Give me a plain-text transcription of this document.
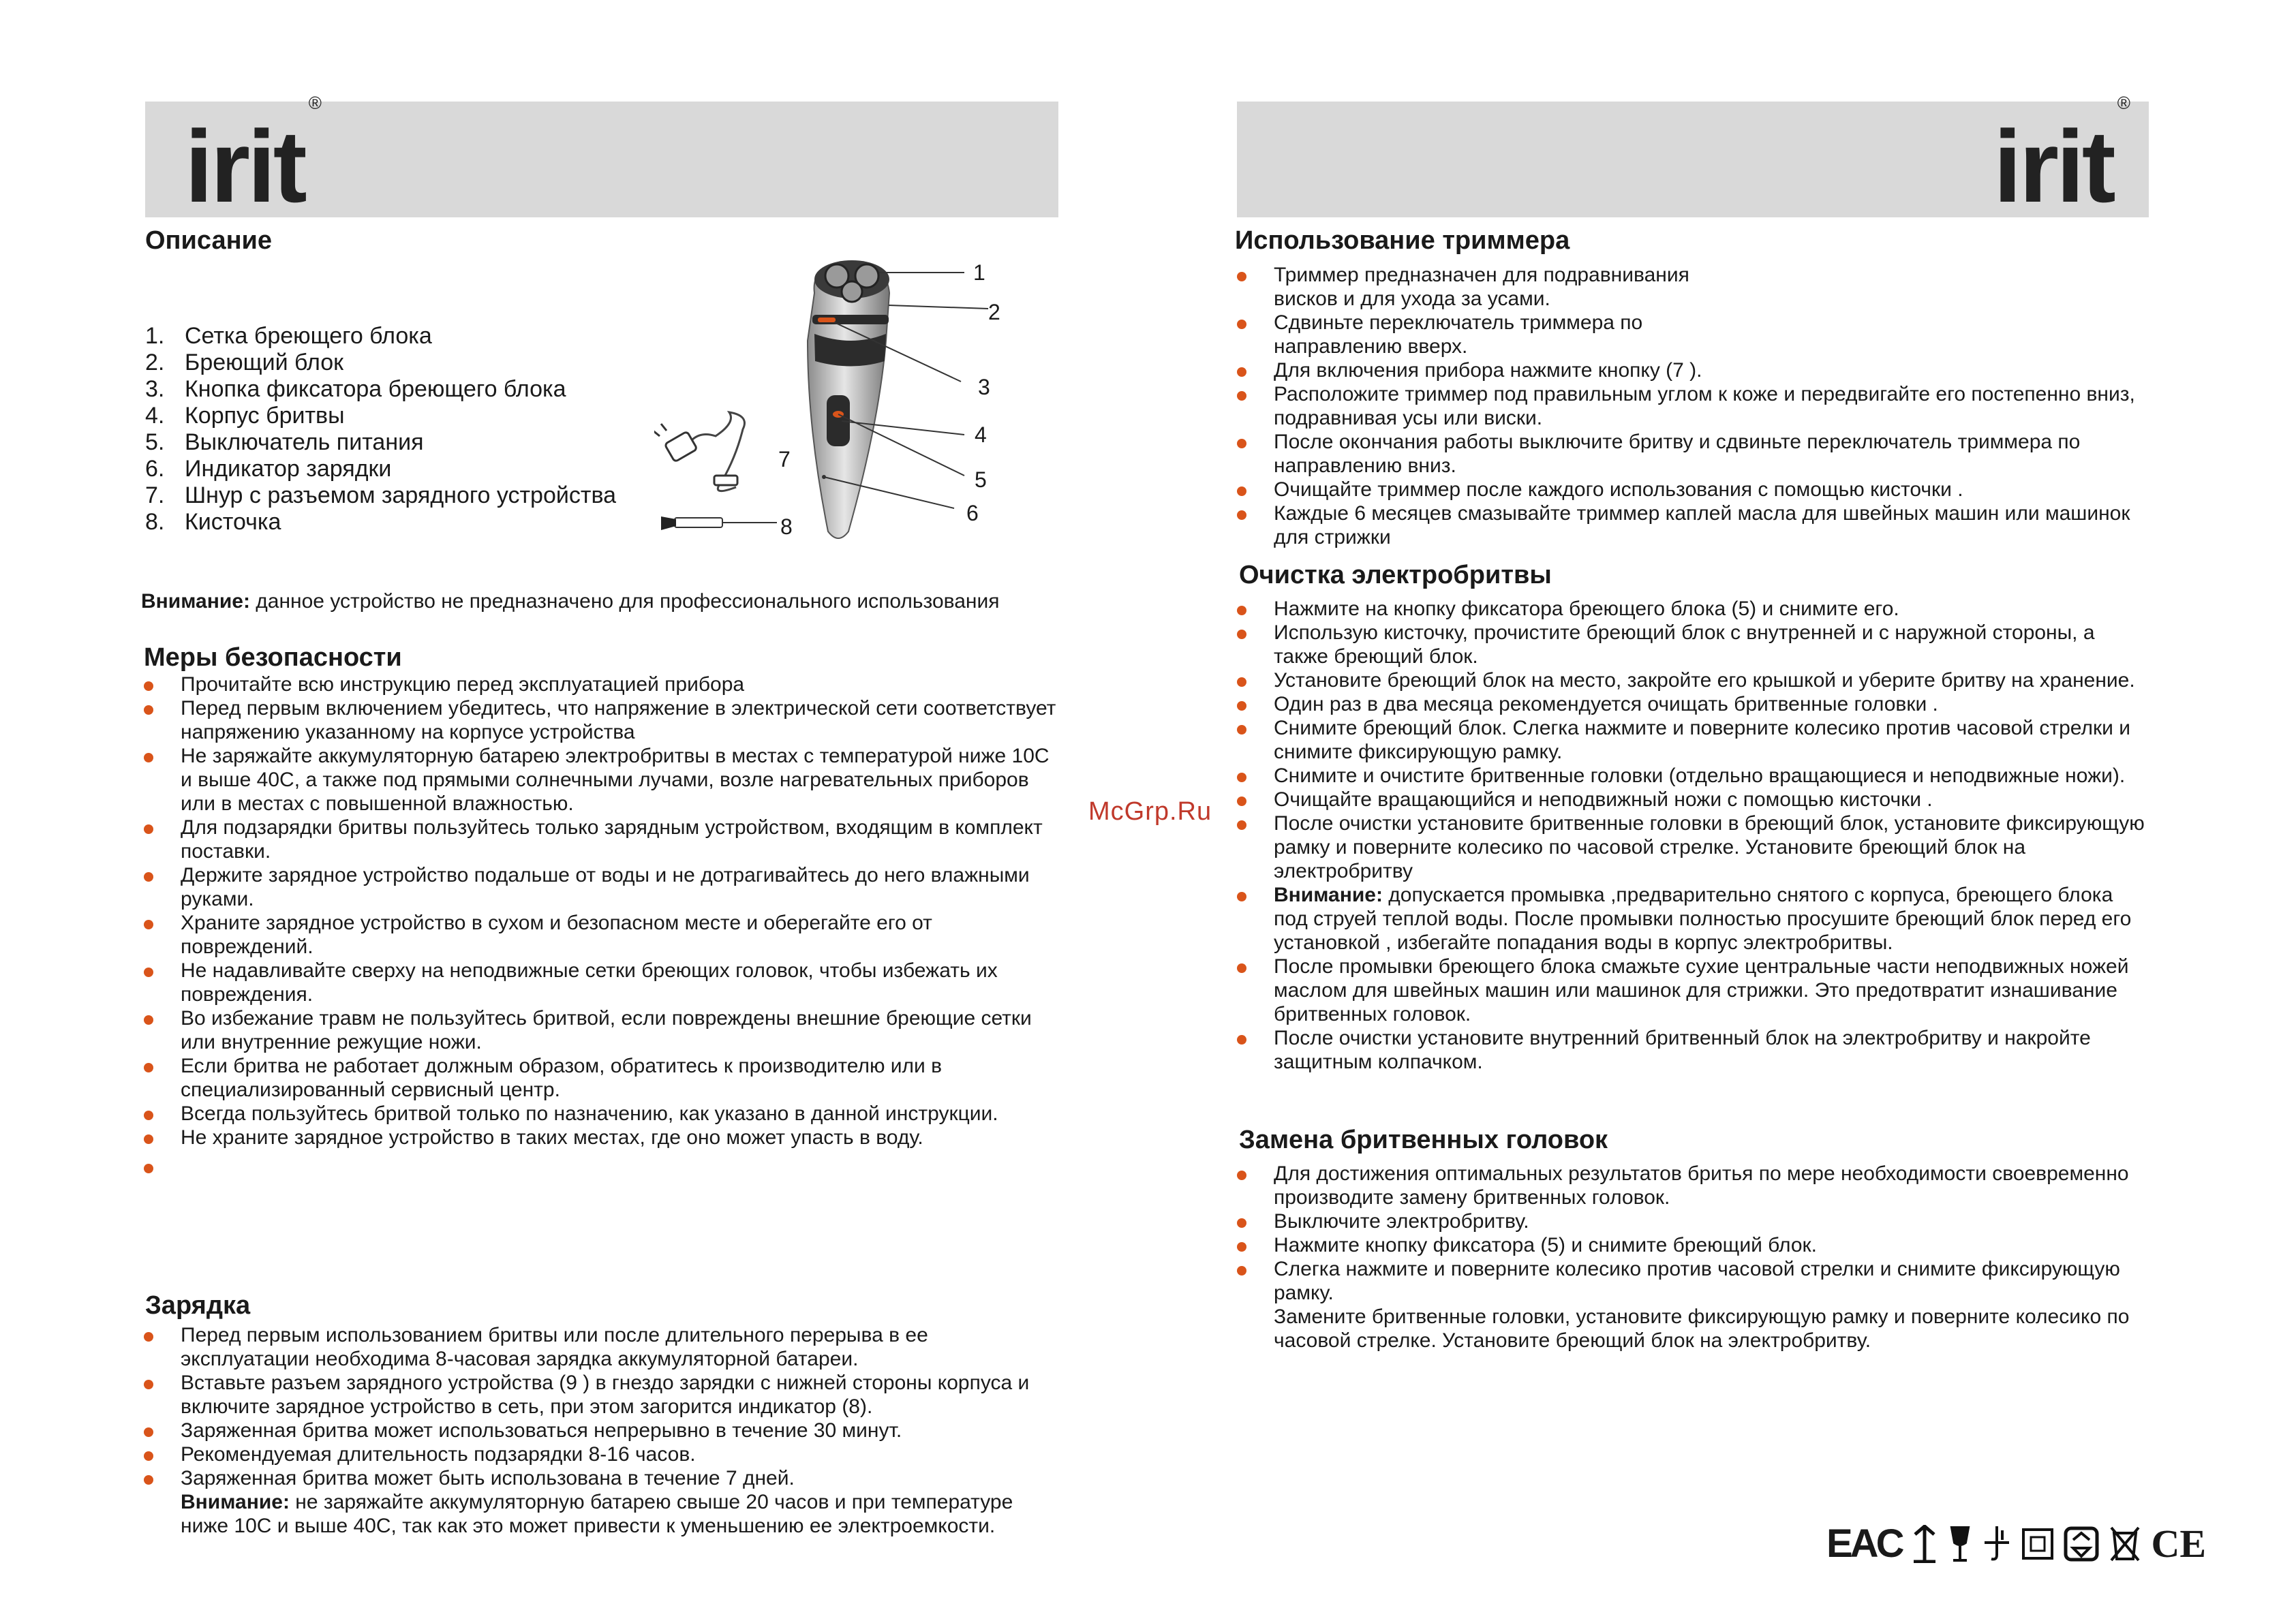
irit®
irit®
Описание
1. Сетка бреющего блока
2. Бреющий блок
3. Кнопка фиксатора бреющего блока
4. Корпус бритвы
5. Выключатель питания
6. Индикатор зарядки
7. Шнур с разъемом зарядного устройства
8. Кисточка
1
2
3
4
5
6
7
8
Внимание: данное устройство не предназначено для профессионального использования
Меры безопасности
Прочитайте всю инструкцию перед эксплуатацией прибора
Перед первым включением убедитесь, что напряжение в электрической сети соответствует напряжению указанному на корпусе устройства
Не заряжайте аккумуляторную батарею электробритвы в местах с температурой ниже 10С и выше 40С, а также под прямыми солнечными лучами, возле нагревательных приборов или в местах с повышенной влажностью.
Для подзарядки бритвы пользуйтесь только зарядным устройством, входящим в комплект поставки.
Держите зарядное устройство подальше от воды и не дотрагивайтесь до него влажными руками.
Храните зарядное устройство в сухом и безопасном месте и оберегайте его от повреждений.
Не надавливайте сверху на неподвижные сетки бреющих головок, чтобы избежать их повреждения.
Во избежание травм не пользуйтесь бритвой, если повреждены внешние бреющие сетки или внутренние режущие ножи.
Если бритва не работает должным образом, обратитесь к производителю или в специализированный сервисный центр.
Всегда пользуйтесь бритвой только по назначению, как указано в данной инструкции.
Не храните зарядное устройство в таких местах, где оно может упасть в воду.
Зарядка
Перед первым использованием бритвы или после длительного перерыва в ее эксплуатации необходима 8-часовая зарядка аккумуляторной батареи.
Вставьте разъем зарядного устройства (9 ) в гнездо зарядки с нижней стороны корпуса и включите зарядное устройство в сеть, при этом загорится индикатор (8).
Заряженная бритва может использоваться непрерывно в течение 30 минут.
Рекомендуемая длительность подзарядки 8-16 часов.
Заряженная бритва может быть использована в течение 7 дней.
Внимание: не заряжайте аккумуляторную батарею свыше 20 часов и при температуре ниже 10С и выше 40С, так как это может привести к уменьшению ее электроемкости.
McGrp.Ru
Использование триммера
Триммер предназначен для подравнивания висков и для ухода за усами.
Сдвиньте переключатель триммера по направлению вверх.
Для включения прибора нажмите кнопку (7 ).
Расположите триммер под правильным углом к коже и передвигайте его постепенно вниз, подравнивая усы или виски.
После окончания работы выключите бритву и сдвиньте переключатель триммера по направлению вниз.
Очищайте триммер после каждого использования с помощью кисточки .
Каждые 6 месяцев смазывайте триммер каплей масла для швейных машин или машинок для стрижки
Очистка электробритвы
Нажмите на кнопку фиксатора бреющего блока (5) и снимите его.
Использую кисточку, прочистите бреющий блок с внутренней и с наружной стороны, а также бреющий блок.
Установите бреющий блок на место, закройте его крышкой и уберите бритву на хранение.
Один раз в два месяца рекомендуется очищать бритвенные головки .
Снимите бреющий блок. Слегка нажмите и поверните колесико против часовой стрелки и снимите фиксирующую рамку.
Снимите и очистите бритвенные головки (отдельно вращающиеся и неподвижные ножи).
Очищайте вращающийся и неподвижный ножи с помощью кисточки .
После очистки установите бритвенные головки в бреющий блок, установите фиксирующую рамку и поверните колесико по часовой стрелке. Установите бреющий блок на электробритву
Внимание: допускается промывка ,предварительно снятого с корпуса, бреющего блока под струей теплой воды. После промывки полностью просушите бреющий блок перед его установкой , избегайте попадания воды в корпус электробритвы.
После промывки бреющего блока смажьте сухие центральные части неподвижных ножей маслом для швейных машин или машинок для стрижки. Это предотвратит изнашивание бритвенных головок.
После очистки установите внутренний бритвенный блок на электробритву и накройте защитным колпачком.
Замена бритвенных головок
Для достижения оптимальных результатов бритья по мере необходимости своевременно производите замену бритвенных головок.
Выключите электробритву.
Нажмите кнопку фиксатора (5) и снимите бреющий блок.
Слегка нажмите и поверните колесико против часовой стрелки и снимите фиксирующую рамку.
Замените бритвенные головки, установите фиксирующую рамку и поверните колесико по часовой стрелке. Установите бреющий блок на электробритву.
EAC	CE
